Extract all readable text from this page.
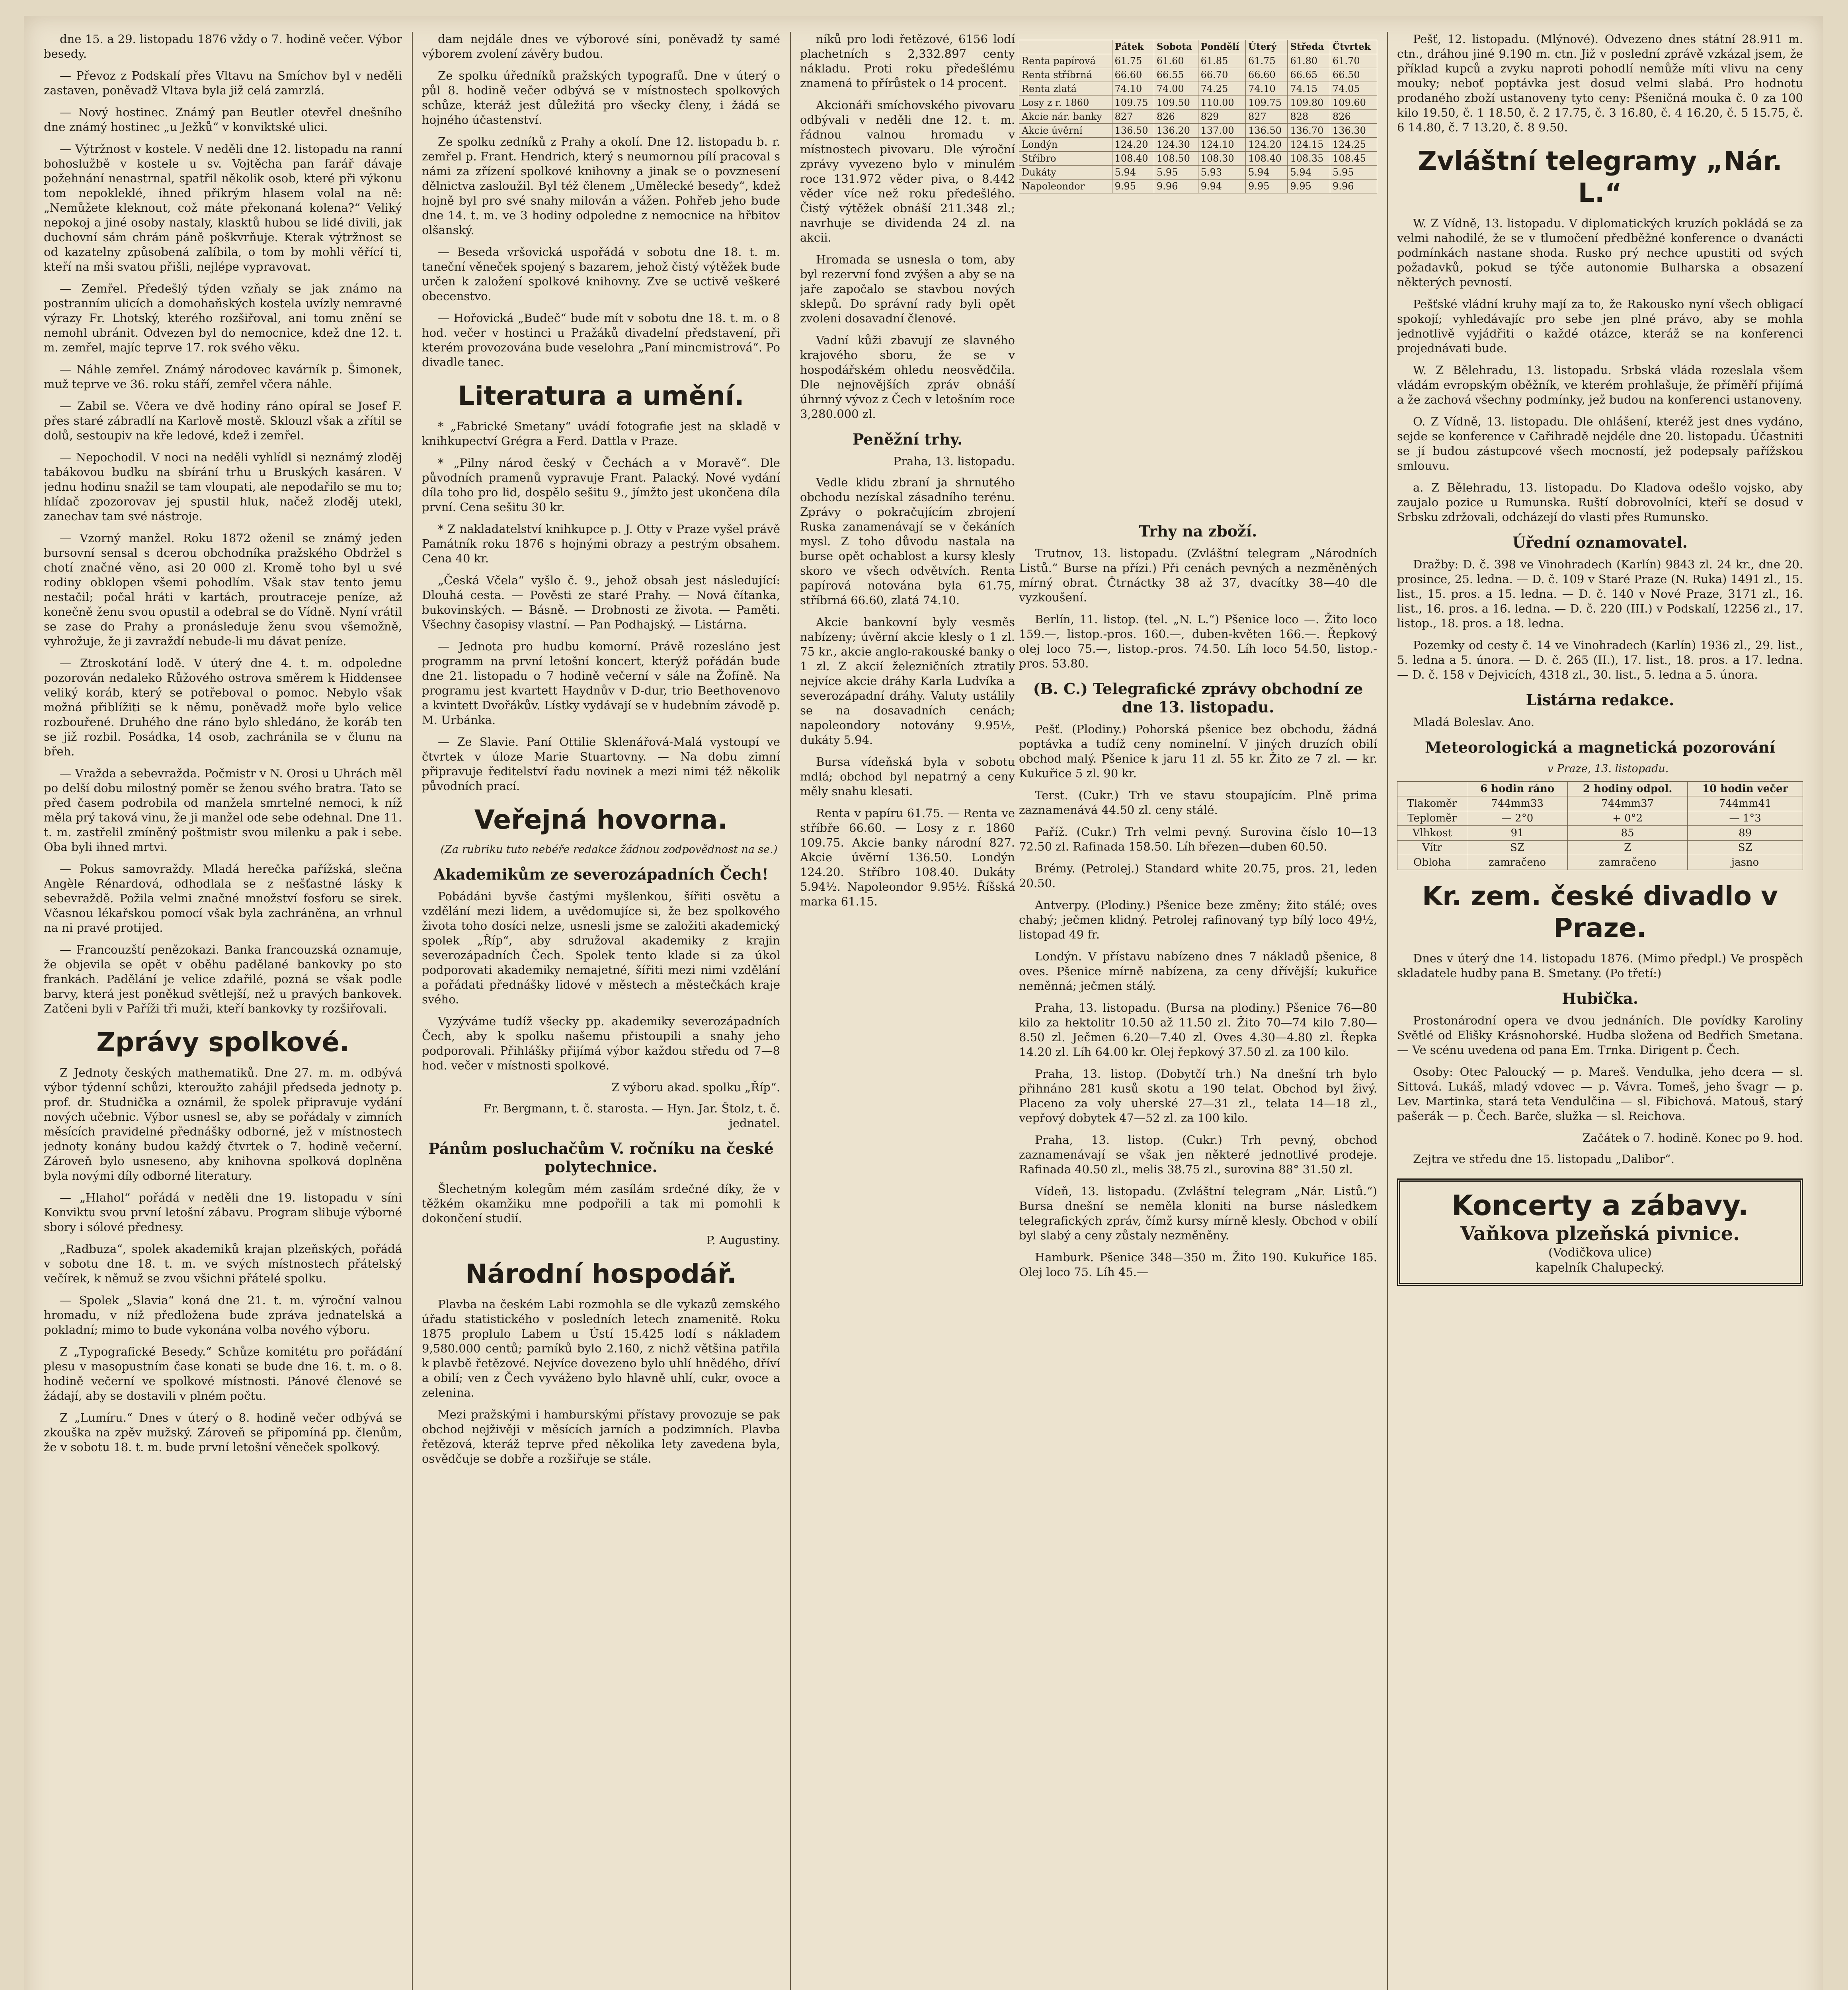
dne 15. a 29. listopadu 1876 vždy o 7. hodině večer. Výbor besedy.

— Převoz z Podskalí přes Vltavu na Smíchov byl v neděli zastaven, poněvadž Vltava byla již celá zamrzlá.

— Nový hostinec. Známý pan Beutler otevřel dnešního dne známý hostinec „u Ježků“ v konviktské ulici.

— Výtržnost v kostele. V neděli dne 12. listopadu na ranní bohoslužbě v kostele u sv. Vojtěcha pan farář dávaje požehnání nenastrnal, spatřil několik osob, které při výkonu tom nepokleklé, ihned přikrým hlasem volal na ně: „Nemůžete kleknout, což máte překonaná kolena?“ Veliký nepokoj a jiné osoby nastaly, klasktů hubou se lidé divili, jak duchovní sám chrám páně poškvrňuje. Kterak výtržnost se od kazatelny způsobená zalíbila, o tom by mohli věřící ti, kteří na mši svatou přišli, nejlépe vypravovat.

— Zemřel. Předešlý týden vzňaly se jak známo na postranním ulicích a domohaňských kostela uvízly nemravné výrazy Fr. Lhotský, kterého rozšiřoval, ani tomu znění se nemohl ubránit. Odvezen byl do nemocnice, kdež dne 12. t. m. zemřel, majíc teprve 17. rok svého věku.

— Náhle zemřel. Známý národovec kavárník p. Šimonek, muž teprve ve 36. roku stáří, zemřel včera náhle.

— Zabil se. Včera ve dvě hodiny ráno opíral se Josef F. přes staré zábradlí na Karlově mostě. Sklouzl však a zřítil se dolů, sestoupiv na kře ledové, kdež i zemřel.

— Nepochodil. V noci na neděli vyhlídl si neznámý zloděj tabákovou budku na sbírání trhu u Bruských kasáren. V jednu hodinu snažil se tam vloupati, ale nepodařilo se mu to; hlídač zpozorovav jej spustil hluk, načež zloděj utekl, zanechav tam své nástroje.

— Vzorný manžel. Roku 1872 oženil se známý jeden bursovní sensal s dcerou obchodníka pražského Obdržel s chotí značné věno, asi 20 000 zl. Kromě toho byl u své rodiny obklopen všemi pohodlím. Však stav tento jemu nestačil; počal hráti v kartách, proutraceje peníze, až konečně ženu svou opustil a odebral se do Vídně. Nyní vrátil se zase do Prahy a pronásleduje ženu svou všemožně, vyhrožuje, že ji zavraždí nebude-li mu dávat peníze.

— Ztroskotání lodě. V úterý dne 4. t. m. odpoledne pozorován nedaleko Růžového ostrova směrem k Hiddensee veliký koráb, který se potřeboval o pomoc. Nebylo však možná přiblížiti se k němu, poněvadž moře bylo velice rozbouřené. Druhého dne ráno bylo shledáno, že koráb ten se již rozbil. Posádka, 14 osob, zachránila se v člunu na břeh.

— Vražda a sebevražda. Počmistr v N. Orosi u Uhrách měl po delší dobu milostný poměr se ženou svého bratra. Tato se před časem podrobila od manžela smrtelné nemoci, k níž měla prý taková vinu, že ji manžel ode sebe odehnal. Dne 11. t. m. zastřelil zmíněný poštmistr svou milenku a pak i sebe. Oba byli ihned mrtvi.

— Pokus samovraždy. Mladá herečka pařížská, slečna Angèle Rénardová, odhodlala se z nešťastné lásky k sebevraždě. Požila velmi značné množství fosforu se sirek. Včasnou lékařskou pomocí však byla zachráněna, an vrhnul na ni pravé protijed.

— Francouzští penězokazi. Banka francouzská oznamuje, že objevila se opět v oběhu padělané bankovky po sto frankách. Padělání je velice zdařilé, pozná se však podle barvy, která jest poněkud světlejší, než u pravých bankovek. Zatčeni byli v Paříži tři muži, kteří bankovky ty rozšiřovali.

Zprávy spolkové.

Z Jednoty českých mathematiků. Dne 27. m. m. odbývá výbor týdenní schůzi, kteroužto zahájil předseda jednoty p. prof. dr. Studnička a oznámil, že spolek připravuje vydání nových učebnic. Výbor usnesl se, aby se pořádaly v zimních měsících pravidelné přednášky odborné, jež v místnostech jednoty konány budou každý čtvrtek o 7. hodině večerní. Zároveň bylo usneseno, aby knihovna spolková doplněna byla novými díly odborné literatury.

— „Hlahol“ pořádá v neděli dne 19. listopadu v síni Konviktu svou první letošní zábavu. Program slibuje výborné sbory i sólové přednesy.

„Radbuza“, spolek akademiků krajan plzeňských, pořádá v sobotu dne 18. t. m. ve svých místnostech přátelský večírek, k němuž se zvou všichni přátelé spolku.

— Spolek „Slavia“ koná dne 21. t. m. výroční valnou hromadu, v níž předložena bude zpráva jednatelská a pokladní; mimo to bude vykonána volba nového výboru.

Z „Typografické Besedy.“ Schůze komitétu pro pořádání plesu v masopustním čase konati se bude dne 16. t. m. o 8. hodině večerní ve spolkové místnosti. Pánové členové se žádají, aby se dostavili v plném počtu.

Z „Lumíru.“ Dnes v úterý o 8. hodině večer odbývá se zkouška na zpěv mužský. Zároveň se připomíná pp. členům, že v sobotu 18. t. m. bude první letošní věneček spolkový.

dam nejdále dnes ve výborové síni, poněvadž ty samé výborem zvolení závěry budou.

Ze spolku úředníků pražských typografů. Dne v úterý o půl 8. hodině večer odbývá se v místnostech spolkových schůze, kteráž jest důležitá pro všecky členy, i žádá se hojného účastenství.

Ze spolku zedníků z Prahy a okolí. Dne 12. listopadu b. r. zemřel p. Frant. Hendrich, který s neumornou pílí pracoval s námi za zřízení spolkové knihovny a jinak se o povznesení dělnictva zasloužil. Byl též členem „Umělecké besedy“, kdež hojně byl pro své snahy milován a vážen. Pohřeb jeho bude dne 14. t. m. ve 3 hodiny odpoledne z nemocnice na hřbitov olšanský.

— Beseda vršovická uspořádá v sobotu dne 18. t. m. taneční věneček spojený s bazarem, jehož čistý výtěžek bude určen k založení spolkové knihovny. Zve se uctivě veškeré obecenstvo.

— Hořovická „Budeč“ bude mít v sobotu dne 18. t. m. o 8 hod. večer v hostinci u Pražáků divadelní představení, při kterém provozována bude veselohra „Paní mincmistrová“. Po divadle tanec.

Literatura a umění.

* „Fabrické Smetany“ uvádí fotografie jest na skladě v knihkupectví Grégra a Ferd. Dattla v Praze.

* „Pilny národ český v Čechách a v Moravě“. Dle původních pramenů vypravuje Frant. Palacký. Nové vydání díla toho pro lid, dospělo sešitu 9., jímžto jest ukončena díla první. Cena sešitu 30 kr.

* Z nakladatelství knihkupce p. J. Otty v Praze vyšel právě Památník roku 1876 s hojnými obrazy a pestrým obsahem. Cena 40 kr.

„Česká Včela“ vyšlo č. 9., jehož obsah jest následující: Dlouhá cesta. — Pověsti ze staré Prahy. — Nová čítanka, bukovinských. — Básně. — Drobnosti ze života. — Paměti. Všechny časopisy vlastní. — Pan Podhajský. — Listárna.

— Jednota pro hudbu komorní. Právě rozesláno jest programm na první letošní koncert, kterýž pořádán bude dne 21. listopadu o 7 hodině večerní v sále na Žofíně. Na programu jest kvartett Haydnův v D-dur, trio Beethovenovo a kvintett Dvořákův. Lístky vydávají se v hudebním závodě p. M. Urbánka.

— Ze Slavie. Paní Ottilie Sklenářová-Malá vystoupí ve čtvrtek v úloze Marie Stuartovny. — Na dobu zimní připravuje ředitelství řadu novinek a mezi nimi též několik původních prací.

Veřejná hovorna.

(Za rubriku tuto nebéře redakce žádnou zodpovědnost na se.)

Akademikům ze severozápadních Čech!

Pobádáni byvše častými myšlenkou, šířiti osvětu a vzdělání mezi lidem, a uvědomujíce si, že bez spolkového života toho dosíci nelze, usnesli jsme se založiti akademický spolek „Říp“, aby sdružoval akademiky z krajin severozápadních Čech. Spolek tento klade si za úkol podporovati akademiky nemajetné, šířiti mezi nimi vzdělání a pořádati přednášky lidové v městech a městečkách kraje svého.

Vyzýváme tudíž všecky pp. akademiky severozápadních Čech, aby k spolku našemu přistoupili a snahy jeho podporovali. Přihlášky přijímá výbor každou středu od 7—8 hod. večer v místnosti spolkové.

Z výboru akad. spolku „Říp“.

Fr. Bergmann, t. č. starosta. — Hyn. Jar. Štolz, t. č. jednatel.

Pánům posluchačům V. ročníku na české polytechnice.

Šlechetným kolegům mém zasílám srdečné díky, že v těžkém okamžiku mne podpořili a tak mi pomohli k dokončení studií.

P. Augustiny.

Národní hospodář.

Plavba na českém Labi rozmohla se dle vykazů zemského úřadu statistického v posledních letech znamenitě. Roku 1875 proplulo Labem u Ústí 15.425 lodí s nákladem 9,580.000 centů; parníků bylo 2.160, z nichž většina patřila k plavbě řetězové. Nejvíce dovezeno bylo uhlí hnědého, dříví a obilí; ven z Čech vyváženo bylo hlavně uhlí, cukr, ovoce a zelenina.

Mezi pražskými i hamburskými přístavy provozuje se pak obchod nejživěji v měsících jarních a podzimních. Plavba řetězová, kteráž teprve před několika lety zavedena byla, osvědčuje se dobře a rozšiřuje se stále.

níků pro lodi řetězové, 6156 lodí plachetních s 2,332.897 centy nákladu. Proti roku předešlému znamená to přírůstek o 14 procent.

Akcionáři smíchovského pivovaru odbývali v neděli dne 12. t. m. řádnou valnou hromadu v místnostech pivovaru. Dle výroční zprávy vyvezeno bylo v minulém roce 131.972 věder piva, o 8.442 věder více než roku předešlého. Čistý výtěžek obnáší 211.348 zl.; navrhuje se dividenda 24 zl. na akcii.

Hromada se usnesla o tom, aby byl rezervní fond zvýšen a aby se na jaře započalo se stavbou nových sklepů. Do správní rady byli opět zvoleni dosavadní členové.

Vadní kůži zbavují ze slavného krajového sboru, že se v hospodářském ohledu neosvědčila. Dle nejnovějších zpráv obnáší úhrnný vývoz z Čech v letošním roce 3,280.000 zl.

Peněžní trhy.

Praha, 13. listopadu.

Vedle klidu zbraní ja shrnutého obchodu nezískal zásadního terénu. Zprávy o pokračujícím zbrojení Ruska zanamenávají se v čekáních mysl. Z toho důvodu nastala na burse opět ochablost a kursy klesly skoro ve všech odvětvích. Renta papírová notována byla 61.75, stříbrná 66.60, zlatá 74.10.

Akcie bankovní byly vesměs nabízeny; úvěrní akcie klesly o 1 zl. 75 kr., akcie anglo-rakouské banky o 1 zl. Z akcií železničních ztratily nejvíce akcie dráhy Karla Ludvíka a severozápadní dráhy. Valuty ustálily se na dosavadních cenách; napoleondory notovány 9.95½, dukáty 5.94.

Bursa vídeňská byla v sobotu mdlá; obchod byl nepatrný a ceny měly snahu klesati.

Renta v papíru 61.75. — Renta ve stříbře 66.60. — Losy z r. 1860 109.75. Akcie banky národní 827. Akcie úvěrní 136.50. Londýn 124.20. Stříbro 108.40. Dukáty 5.94½. Napoleondor 9.95½. Říšská marka 61.15.

	Pátek	Sobota	Pondělí	Úterý	Středa	Čtvrtek
Renta papírová	61.75	61.60	61.85	61.75	61.80	61.70
Renta stříbrná	66.60	66.55	66.70	66.60	66.65	66.50
Renta zlatá	74.10	74.00	74.25	74.10	74.15	74.05
Losy z r. 1860	109.75	109.50	110.00	109.75	109.80	109.60
Akcie nár. banky	827	826	829	827	828	826
Akcie úvěrní	136.50	136.20	137.00	136.50	136.70	136.30
Londýn	124.20	124.30	124.10	124.20	124.15	124.25
Stříbro	108.40	108.50	108.30	108.40	108.35	108.45
Dukáty	5.94	5.95	5.93	5.94	5.94	5.95
Napoleondor	9.95	9.96	9.94	9.95	9.95	9.96
Trhy na zboží.

Trutnov, 13. listopadu. (Zvláštní telegram „Národních Listů.“ Burse na přízi.) Při cenách pevných a nezměněných mírný obrat. Čtrnáctky 38 až 37, dvacítky 38—40 dle vyzkoušení.

Berlín, 11. listop. (tel. „N. L.“) Pšenice loco —. Žito loco 159.—, listop.-pros. 160.—, duben-květen 166.—. Řepkový olej loco 75.—, listop.-pros. 74.50. Líh loco 54.50, listop.-pros. 53.80.

(B. C.) Telegrafické zprávy obchodní ze dne 13. listopadu.

Pešť. (Plodiny.) Pohorská pšenice bez obchodu, žádná poptávka a tudíž ceny nominelní. V jiných druzích obilí obchod malý. Pšenice k jaru 11 zl. 55 kr. Žito ze 7 zl. — kr. Kukuřice 5 zl. 90 kr.

Terst. (Cukr.) Trh ve stavu stoupajícím. Plně prima zaznamenává 44.50 zl. ceny stálé.

Paříž. (Cukr.) Trh velmi pevný. Surovina číslo 10—13 72.50 zl. Rafinada 158.50. Líh březen—duben 60.50.

Brémy. (Petrolej.) Standard white 20.75, pros. 21, leden 20.50.

Antverpy. (Plodiny.) Pšenice beze změny; žito stálé; oves chabý; ječmen klidný. Petrolej rafinovaný typ bílý loco 49½, listopad 49 fr.

Londýn. V přístavu nabízeno dnes 7 nákladů pšenice, 8 oves. Pšenice mírně nabízena, za ceny dřívější; kukuřice neměnná; ječmen stálý.

Praha, 13. listopadu. (Bursa na plodiny.) Pšenice 76—80 kilo za hektolitr 10.50 až 11.50 zl. Žito 70—74 kilo 7.80—8.50 zl. Ječmen 6.20—7.40 zl. Oves 4.30—4.80 zl. Řepka 14.20 zl. Líh 64.00 kr. Olej řepkový 37.50 zl. za 100 kilo.

Praha, 13. listop. (Dobytčí trh.) Na dnešní trh bylo přihnáno 281 kusů skotu a 190 telat. Obchod byl živý. Placeno za voly uherské 27—31 zl., telata 14—18 zl., vepřový dobytek 47—52 zl. za 100 kilo.

Praha, 13. listop. (Cukr.) Trh pevný, obchod zaznamenávají se však jen některé jednotlivé prodeje. Rafinada 40.50 zl., melis 38.75 zl., surovina 88° 31.50 zl.

Vídeň, 13. listopadu. (Zvláštní telegram „Nár. Listů.“) Bursa dnešní se neměla kloniti na burse následkem telegrafických zpráv, čímž kursy mírně klesly. Obchod v obilí byl slabý a ceny zůstaly nezměněny.

Hamburk. Pšenice 348—350 m. Žito 190. Kukuřice 185. Olej loco 75. Líh 45.—

Pešť, 12. listopadu. (Mlýnové). Odvezeno dnes státní 28.911 m. ctn., dráhou jiné 9.190 m. ctn. Již v poslední zprávě vzkázal jsem, že příklad kupců a zvyku naproti pohodlí nemůže míti vlivu na ceny mouky; neboť poptávka jest dosud velmi slabá. Pro hodnotu prodaného zboží ustanoveny tyto ceny: Pšeničná mouka č. 0 za 100 kilo 19.50, č. 1 18.50, č. 2 17.75, č. 3 16.80, č. 4 16.20, č. 5 15.75, č. 6 14.80, č. 7 13.20, č. 8 9.50.

Zvláštní telegramy „Nár. L.“

W. Z Vídně, 13. listopadu. V diplomatických kruzích pokládá se za velmi nahodilé, že se v tlumočení předběžné konference o dvanácti podmínkách nastane shoda. Rusko prý nechce upustiti od svých požadavků, pokud se týče autonomie Bulharska a obsazení některých pevností.

Pešťské vládní kruhy mají za to, že Rakousko nyní všech obligací spokojí; vyhledávajíc pro sebe jen plné právo, aby se mohla jednotlivě vyjádřiti o každé otázce, kteráž se na konferenci projednávati bude.

W. Z Bělehradu, 13. listopadu. Srbská vláda rozeslala všem vládám evropským oběžník, ve kterém prohlašuje, že příměří přijímá a že zachová všechny podmínky, jež budou na konferenci ustanoveny.

O. Z Vídně, 13. listopadu. Dle ohlášení, kteréž jest dnes vydáno, sejde se konference v Cařihradě nejdéle dne 20. listopadu. Účastniti se jí budou zástupcové všech mocností, jež podepsaly pařížskou smlouvu.

a. Z Bělehradu, 13. listopadu. Do Kladova odešlo vojsko, aby zaujalo pozice u Rumunska. Ruští dobrovolníci, kteří se dosud v Srbsku zdržovali, odcházejí do vlasti přes Rumunsko.

Úřední oznamovatel.

Dražby: D. č. 398 ve Vinohradech (Karlín) 9843 zl. 24 kr., dne 20. prosince, 25. ledna. — D. č. 109 v Staré Praze (N. Ruka) 1491 zl., 15. list., 15. pros. a 15. ledna. — D. č. 140 v Nové Praze, 3171 zl., 16. list., 16. pros. a 16. ledna. — D. č. 220 (III.) v Podskalí, 12256 zl., 17. listop., 18. pros. a 18. ledna.

Pozemky od cesty č. 14 ve Vinohradech (Karlín) 1936 zl., 29. list., 5. ledna a 5. února. — D. č. 265 (II.), 17. list., 18. pros. a 17. ledna. — D. č. 158 v Dejvicích, 4318 zl., 30. list., 5. ledna a 5. února.

Listárna redakce.

Mladá Boleslav. Ano.

Meteorologická a magnetická pozorování

v Praze, 13. listopadu.

	6 hodin ráno	2 hodiny odpol.	10 hodin večer
Tlakoměr	744mm33	744mm37	744mm41
Teploměr	— 2°0	+ 0°2	— 1°3
Vlhkost	91	85	89
Vítr	SZ	Z	SZ
Obloha	zamračeno	zamračeno	jasno
Kr. zem. české divadlo v Praze.

Dnes v úterý dne 14. listopadu 1876. (Mimo předpl.) Ve prospěch skladatele hudby pana B. Smetany. (Po třetí:)

Hubička.

Prostonárodní opera ve dvou jednáních. Dle povídky Karoliny Světlé od Elišky Krásnohorské. Hudba složena od Bedřich Smetana. — Ve scénu uvedena od pana Em. Trnka. Dirigent p. Čech.

Osoby: Otec Paloucký — p. Mareš. Vendulka, jeho dcera — sl. Sittová. Lukáš, mladý vdovec — p. Vávra. Tomeš, jeho švagr — p. Lev. Martinka, stará teta Vendulčina — sl. Fibichová. Matouš, starý pašerák — p. Čech. Barče, služka — sl. Reichova.

Začátek o 7. hodině. Konec po 9. hod.

Zejtra ve středu dne 15. listopadu „Dalibor“.

Koncerty a zábavy.
Vaňkova plzeňská pivnice.
(Vodičkova ulice)
kapelník Chalupecký.
